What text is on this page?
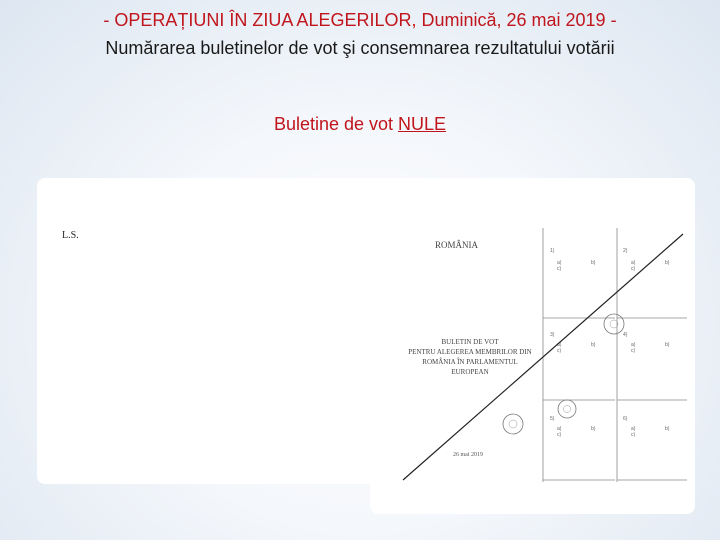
- OPERAȚIUNI ÎN ZIUA ALEGERILOR, Duminică, 26 mai 2019 -
Numărarea buletinelor de vot şi consemnarea rezultatului votării
Buletine de vot NULE
L.S.
ROMÂNIA
BULETIN DE VOT
PENTRU ALEGEREA MEMBRILOR DIN
ROMÂNIA ÎN PARLAMENTUL
EUROPEAN
26 mai 2019
1)	2)
a)	b)
c)
a)	b)
c)
3)	4)
a)	b)
c)
a)	b)
c)
5)	6)
a)	b)
c)
a)	b)
c)
